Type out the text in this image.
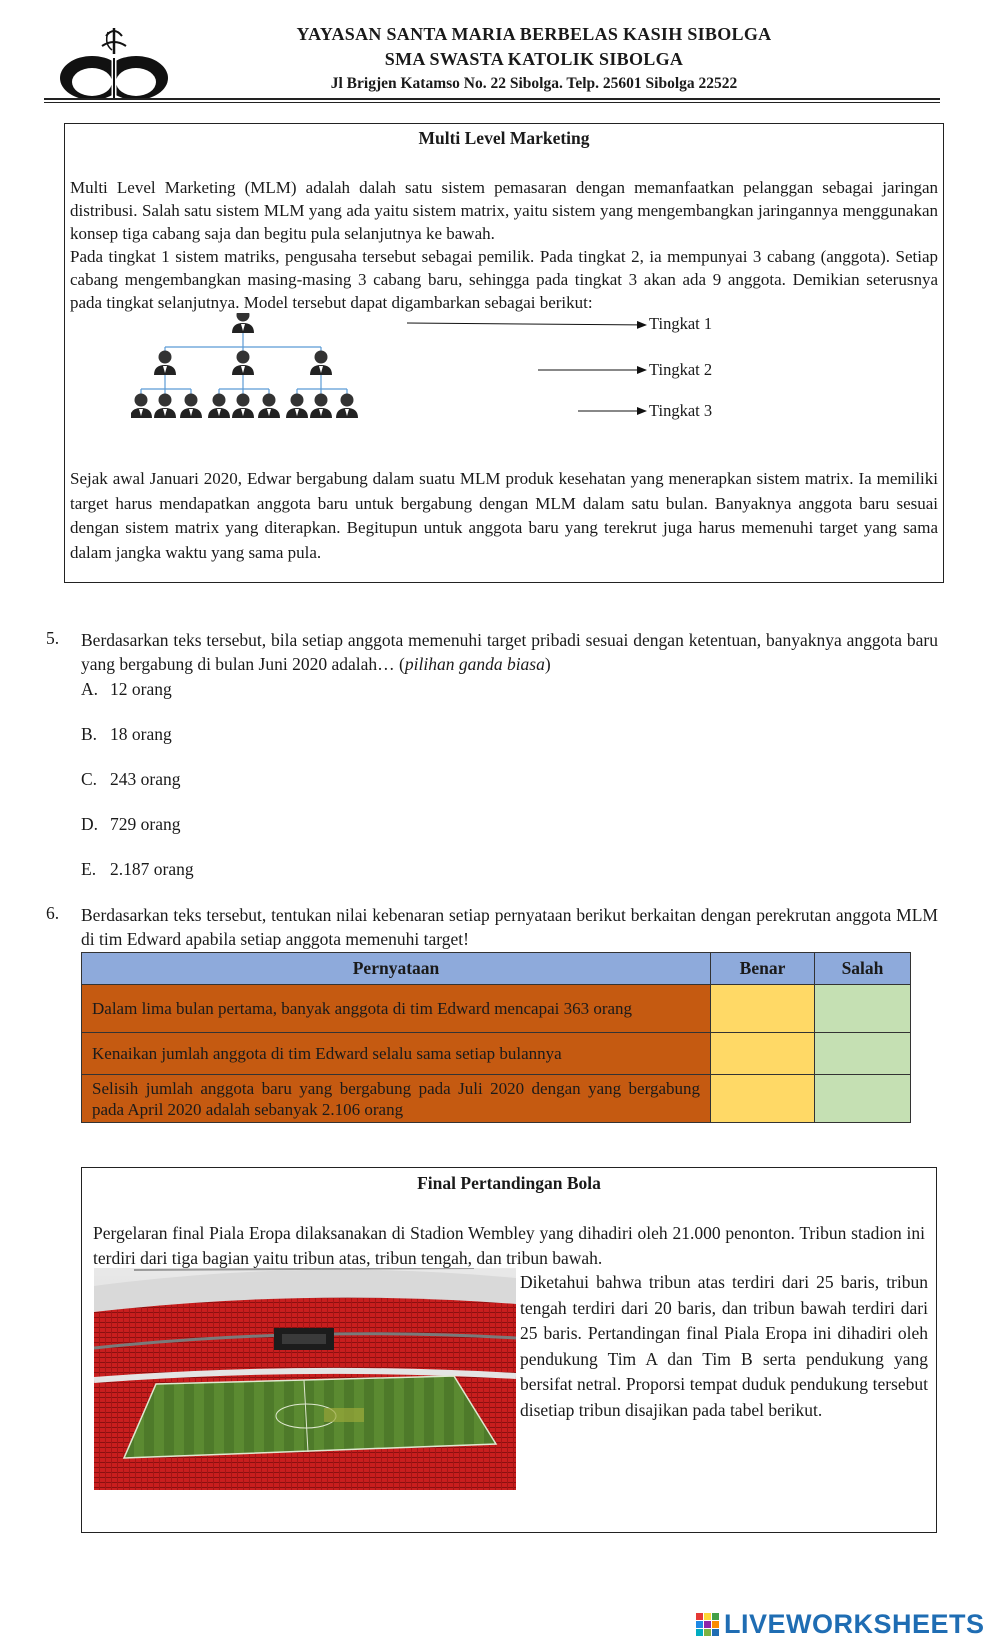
YAYASAN SANTA MARIA BERBELAS KASIH SIBOLGA
SMA SWASTA KATOLIK SIBOLGA
Jl Brigjen Katamso No. 22 Sibolga. Telp. 25601 Sibolga 22522
Multi Level Marketing
Multi Level Marketing (MLM) adalah dalah satu sistem pemasaran dengan memanfaatkan pelanggan sebagai jaringan distribusi. Salah satu sistem MLM yang ada yaitu sistem matrix, yaitu sistem yang mengembangkan jaringannya menggunakan konsep tiga cabang saja dan begitu pula selanjutnya ke bawah.
Pada tingkat 1 sistem matriks, pengusaha tersebut sebagai pemilik. Pada tingkat 2, ia mempunyai 3 cabang (anggota). Setiap cabang mengembangkan masing-masing 3 cabang baru, sehingga pada tingkat 3 akan ada 9 anggota. Demikian seterusnya pada tingkat selanjutnya. Model tersebut dapat digambarkan sebagai berikut:
Tingkat 1
Tingkat 2
Tingkat 3
Sejak awal Januari 2020, Edwar bergabung dalam suatu MLM produk kesehatan yang menerapkan sistem matrix. Ia memiliki target harus mendapatkan anggota baru untuk bergabung dengan MLM dalam satu bulan. Banyaknya anggota baru sesuai dengan sistem matrix yang diterapkan. Begitupun untuk anggota baru yang terekrut juga harus memenuhi target yang sama dalam jangka waktu yang sama pula.
5. Berdasarkan teks tersebut, bila setiap anggota memenuhi target pribadi sesuai dengan ketentuan, banyaknya anggota baru yang bergabung di bulan Juni 2020 adalah… (pilihan ganda biasa)
A. 12 orang
B. 18 orang
C. 243 orang
D. 729 orang
E. 2.187 orang
6. Berdasarkan teks tersebut, tentukan nilai kebenaran setiap pernyataan berikut berkaitan dengan perekrutan anggota MLM di tim Edward apabila setiap anggota memenuhi target!
Pernyataan	Benar	Salah
Dalam lima bulan pertama, banyak anggota di tim Edward mencapai 363 orang		
Kenaikan jumlah anggota di tim Edward selalu sama setiap bulannya		
Selisih jumlah anggota baru yang bergabung pada Juli 2020 dengan yang bergabung pada April 2020 adalah sebanyak 2.106 orang		
Final Pertandingan Bola
Pergelaran final Piala Eropa dilaksanakan di Stadion Wembley yang dihadiri oleh 21.000 penonton. Tribun stadion ini terdiri dari tiga bagian yaitu tribun atas, tribun tengah, dan tribun bawah.
Diketahui bahwa tribun atas terdiri dari 25 baris, tribun tengah terdiri dari 20 baris, dan tribun bawah terdiri dari 25 baris. Pertandingan final Piala Eropa ini dihadiri oleh pendukung Tim A dan Tim B serta pendukung yang bersifat netral. Proporsi tempat duduk pendukung tersebut disetiap tribun disajikan pada tabel berikut.
LIVEWORKSHEETS
